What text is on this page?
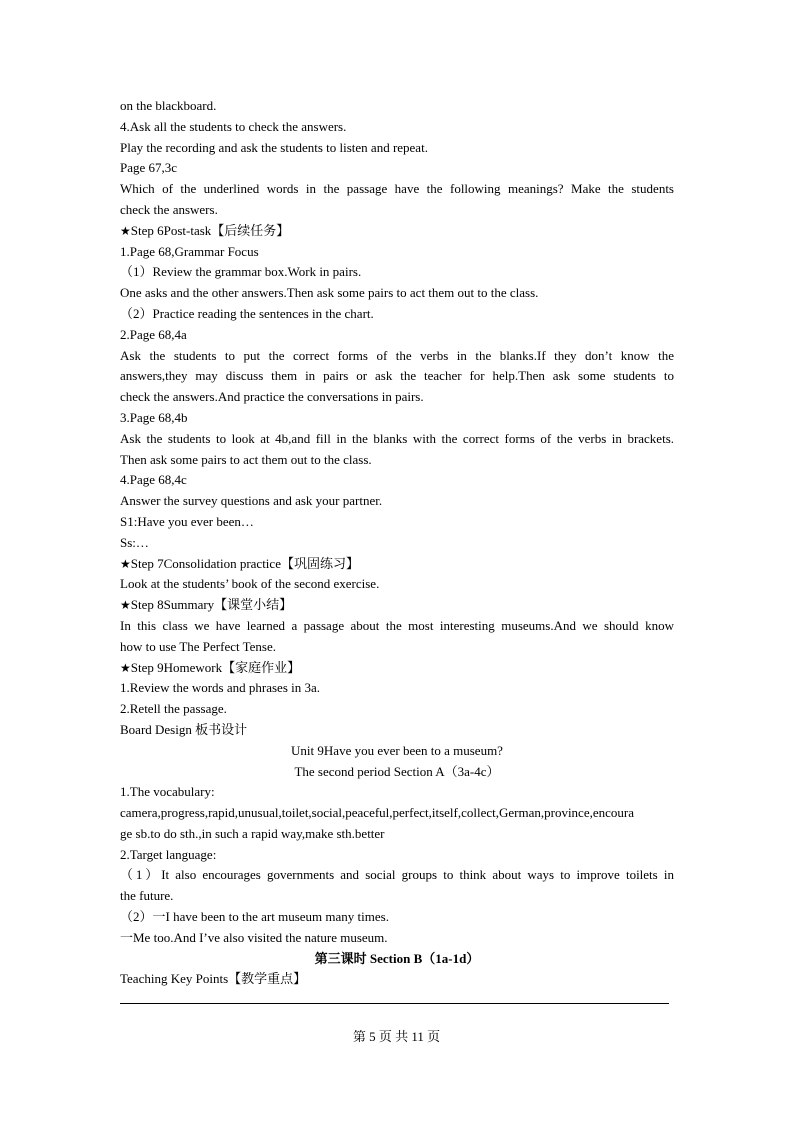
on the blackboard.
4.Ask all the students to check the answers.
Play the recording and ask the students to listen and repeat.
Page 67,3c
Which of the underlined words in the passage have the following meanings? Make the students
check the answers.
★Step 6Post-task【后续任务】
1.Page 68,Grammar Focus
（1）Review the grammar box.Work in pairs.
One asks and the other answers.Then ask some pairs to act them out to the class.
（2）Practice reading the sentences in the chart.
2.Page 68,4a
Ask the students to put the correct forms of the verbs in the blanks.If they don’t know the
answers,they may discuss them in pairs or ask the teacher for help.Then ask some students to
check the answers.And practice the conversations in pairs.
3.Page 68,4b
Ask the students to look at 4b,and fill in the blanks with the correct forms of the verbs in brackets.
Then ask some pairs to act them out to the class.
4.Page 68,4c
Answer the survey questions and ask your partner.
S1:Have you ever been…
Ss:…
★Step 7Consolidation practice【巩固练习】
Look at the students’ book of the second exercise.
★Step 8Summary【课堂小结】
In this class we have learned a passage about the most interesting museums.And we should know
how to use The Perfect Tense.
★Step 9Homework【家庭作业】
1.Review the words and phrases in 3a.
2.Retell the passage.
Board Design 板书设计
Unit 9Have you ever been to a museum?
The second period Section A（3a-4c）
1.The vocabulary:
camera,progress,rapid,unusual,toilet,social,peaceful,perfect,itself,collect,German,province,encoura
ge sb.to do sth.,in such a rapid way,make sth.better
2.Target language:
（1）It also encourages governments and social groups to think about ways to improve toilets in
the future.
（2）一I have been to the art museum many times.
一Me too.And I’ve also visited the nature museum.
第三课时 Section B（1a-1d）
Teaching Key Points【教学重点】
第 5 页 共 11 页
